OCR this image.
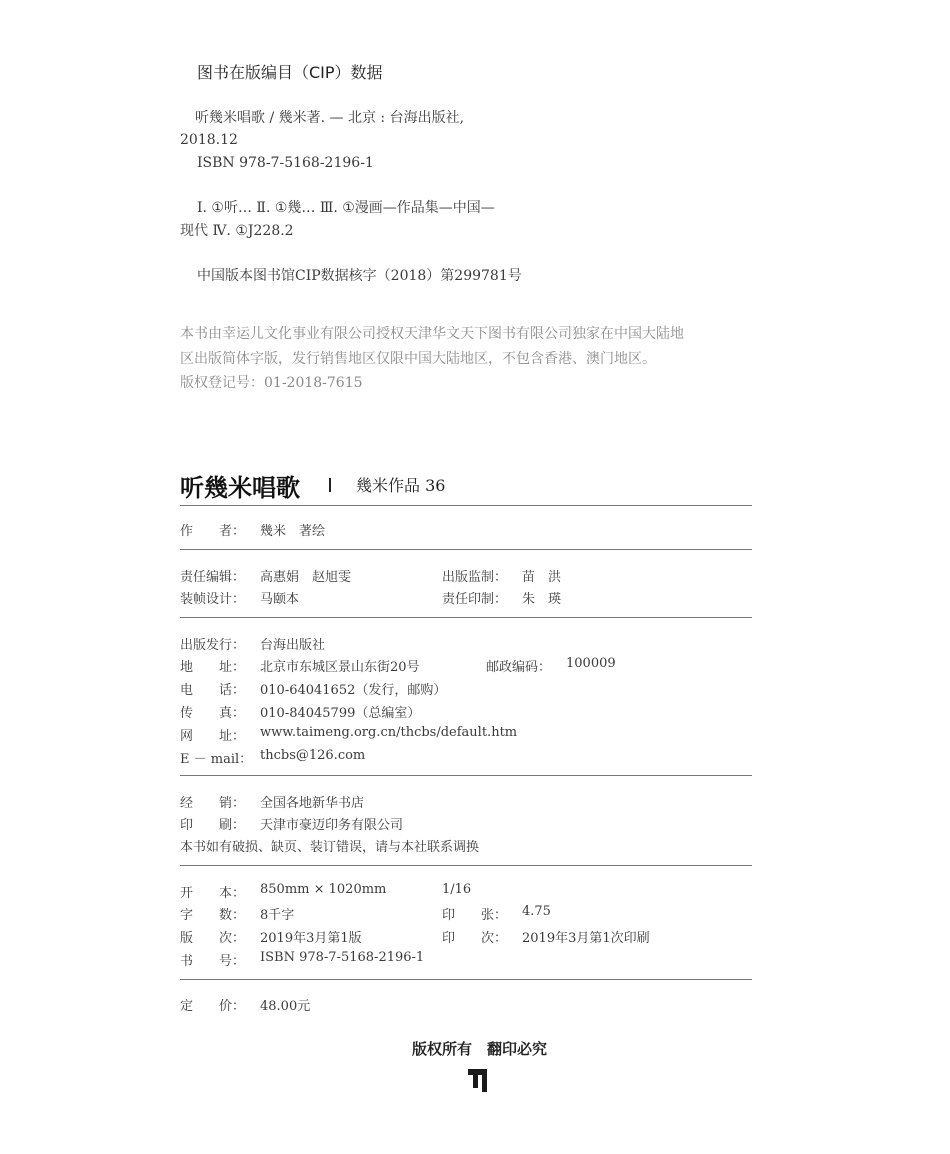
图书在版编目（CIP）数据
听幾米唱歌 / 幾米著. — 北京 : 台海出版社,
2018.12
ISBN 978-7-5168-2196-1
Ⅰ. ①听… Ⅱ. ①幾… Ⅲ. ①漫画—作品集—中国—
现代 Ⅳ. ①J228.2
中国版本图书馆CIP数据核字（2018）第299781号
本书由幸运儿文化事业有限公司授权天津华文天下图书有限公司独家在中国大陆地
区出版简体字版，发行销售地区仅限中国大陆地区，不包含香港、澳门地区。
版权登记号：01-2018-7615
听幾米唱歌	幾米作品 36
作　　者： 幾米　著绘
责任编辑： 高惠娟　赵旭雯	出版监制： 苗　洪
装帧设计： 马颐本	责任印制： 朱　瑛
出版发行： 台海出版社
地　　址： 北京市东城区景山东街20号	邮政编码： 100009
电　　话： 010-64041652（发行，邮购）
传　　真： 010-84045799（总编室）
网　　址： www.taimeng.org.cn/thcbs/default.htm
E － mail： thcbs@126.com
经　　销： 全国各地新华书店
印　　刷： 天津市豪迈印务有限公司
本书如有破损、缺页、装订错误，请与本社联系调换
开　　本： 850mm × 1020mm	1/16
字　　数： 8千字	印　　张： 4.75
版　　次： 2019年3月第1版	印　　次： 2019年3月第1次印刷
书　　号： ISBN 978-7-5168-2196-1
定　　价： 48.00元
版权所有　翻印必究
